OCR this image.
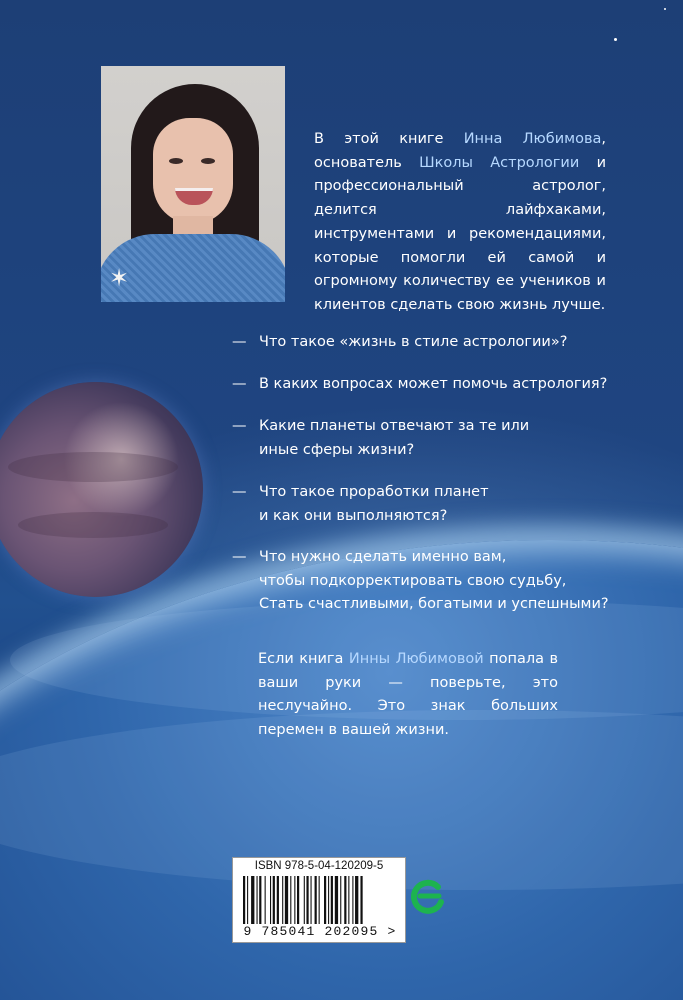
✶

В этой книге Инна Любимова, основатель Школы Астрологии и профессиональный астролог, делится лайфхаками, инструментами и рекомендациями, которые помогли ей самой и огромному количеству ее учеников и клиентов сделать свою жизнь лучше.

— Что такое «жизнь в стиле астрологии»?
— В каких вопросах может помочь астрология?
— Какие планеты отвечают за те или
иные сферы жизни?
— Что такое проработки планет
и как они выполняются?
— Что нужно сделать именно вам,
чтобы подкорректировать свою судьбу,
Стать счастливыми, богатыми и успешными?

Если книга Инны Любимовой попала в ваши руки — поверьте, это неслучайно. Это знак больших перемен в вашей жизни.

ISBN 978-5-04-120209-5
9 785041 202095 >
